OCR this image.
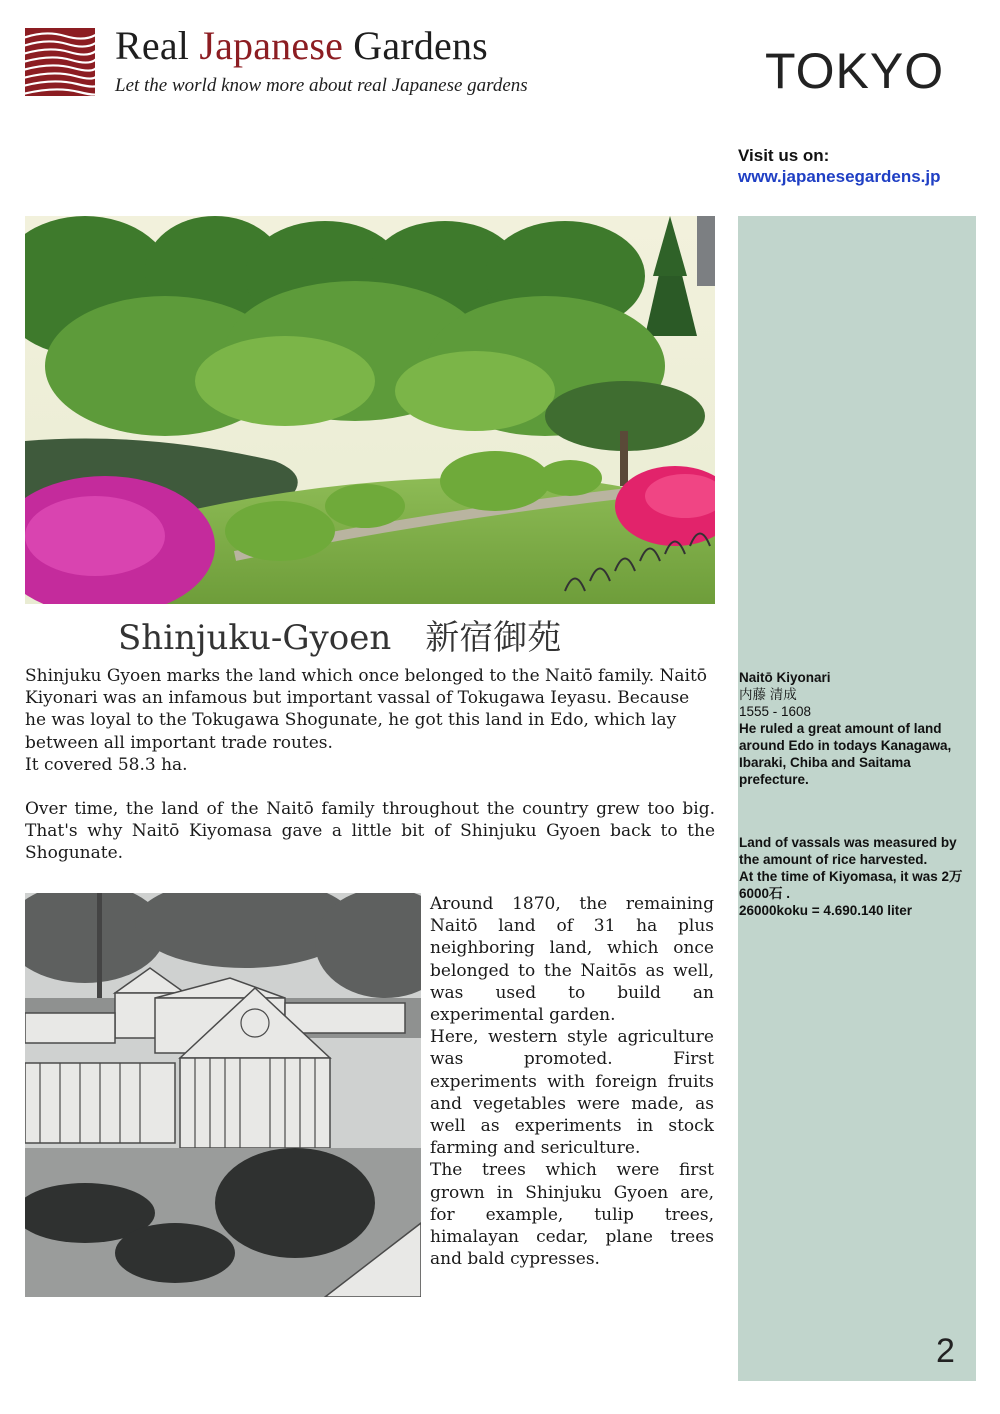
Real Japanese Gardens
Let the world know more about real Japanese gardens	TOKYO
Visit us on:
www.japanesegardens.jp
Naitō Kiyonari
内藤 清成
1555 - 1608
He ruled a great amount of land around Edo in todays Kanagawa, Ibaraki, Chiba and Saitama prefecture.
Land of vassals was measured by the amount of rice harvested.
At the time of Kiyomasa, it was 2万 6000石 .
26000koku = 4.690.140 liter
2
Shinjuku-Gyoen　新宿御苑

Shinjuku Gyoen marks the land which once belonged to the Naitō family. Naitō Kiyonari was an infamous but important vassal of Tokugawa Ieyasu. Because he was loyal to the Tokugawa Shogunate, he got this land in Edo, which lay between all important trade routes.

It covered 58.3 ha.

Over time, the land of the Naitō family throughout the country grew too big. That's why Naitō Kiyomasa gave a little bit of Shinjuku Gyoen back to the Shogunate.

Around 1870, the remaining Naitō land of 31 ha plus neighboring land, which once belonged to the Naitōs as well, was used to build an experimental garden.

Here, western style agriculture was promoted. First experiments with foreign fruits and vegetables were made, as well as experiments in stock farming and sericulture.

The trees which were first grown in Shinjuku Gyoen are, for example, tulip trees, himalayan cedar, plane trees and bald cypresses.
